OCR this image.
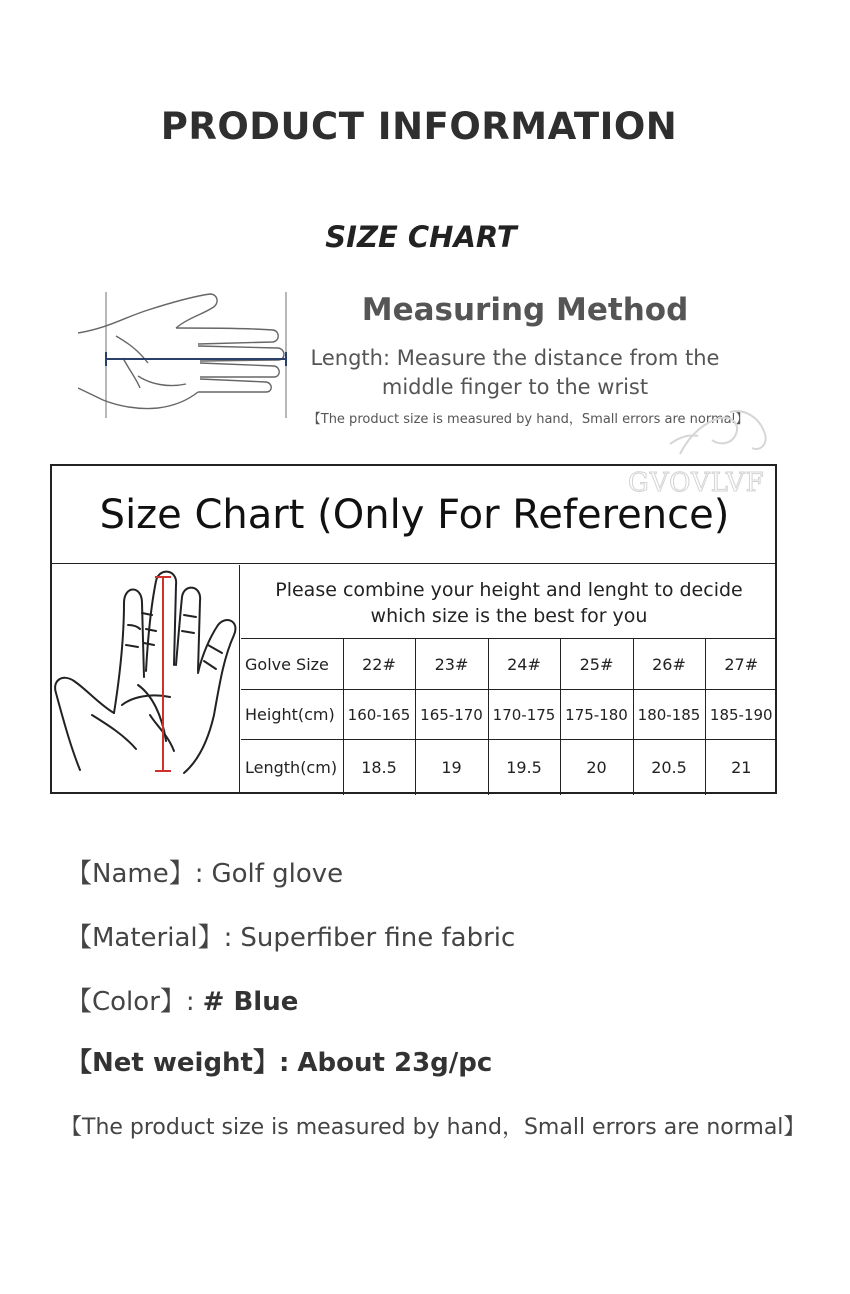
PRODUCT INFORMATION
SIZE CHART
Measuring Method
Length: Measure the distance from the
middle finger to the wrist
【The product size is measured by hand，Small errors are normal】
GVOVLVF
Size Chart (Only For Reference)
Please combine your height and lenght to decide
which size is the best for you
Golve Size	22#	23#	24#	25#	26#	27#
Height(cm)	160-165	165-170	170-175	175-180	180-185	185-190
Length(cm)	18.5	19	19.5	20	20.5	21
【Name】: Golf glove
【Material】: Superfiber fine fabric
【Color】: # Blue
【Net weight】: About 23g/pc
【The product size is measured by hand，Small errors are normal】
